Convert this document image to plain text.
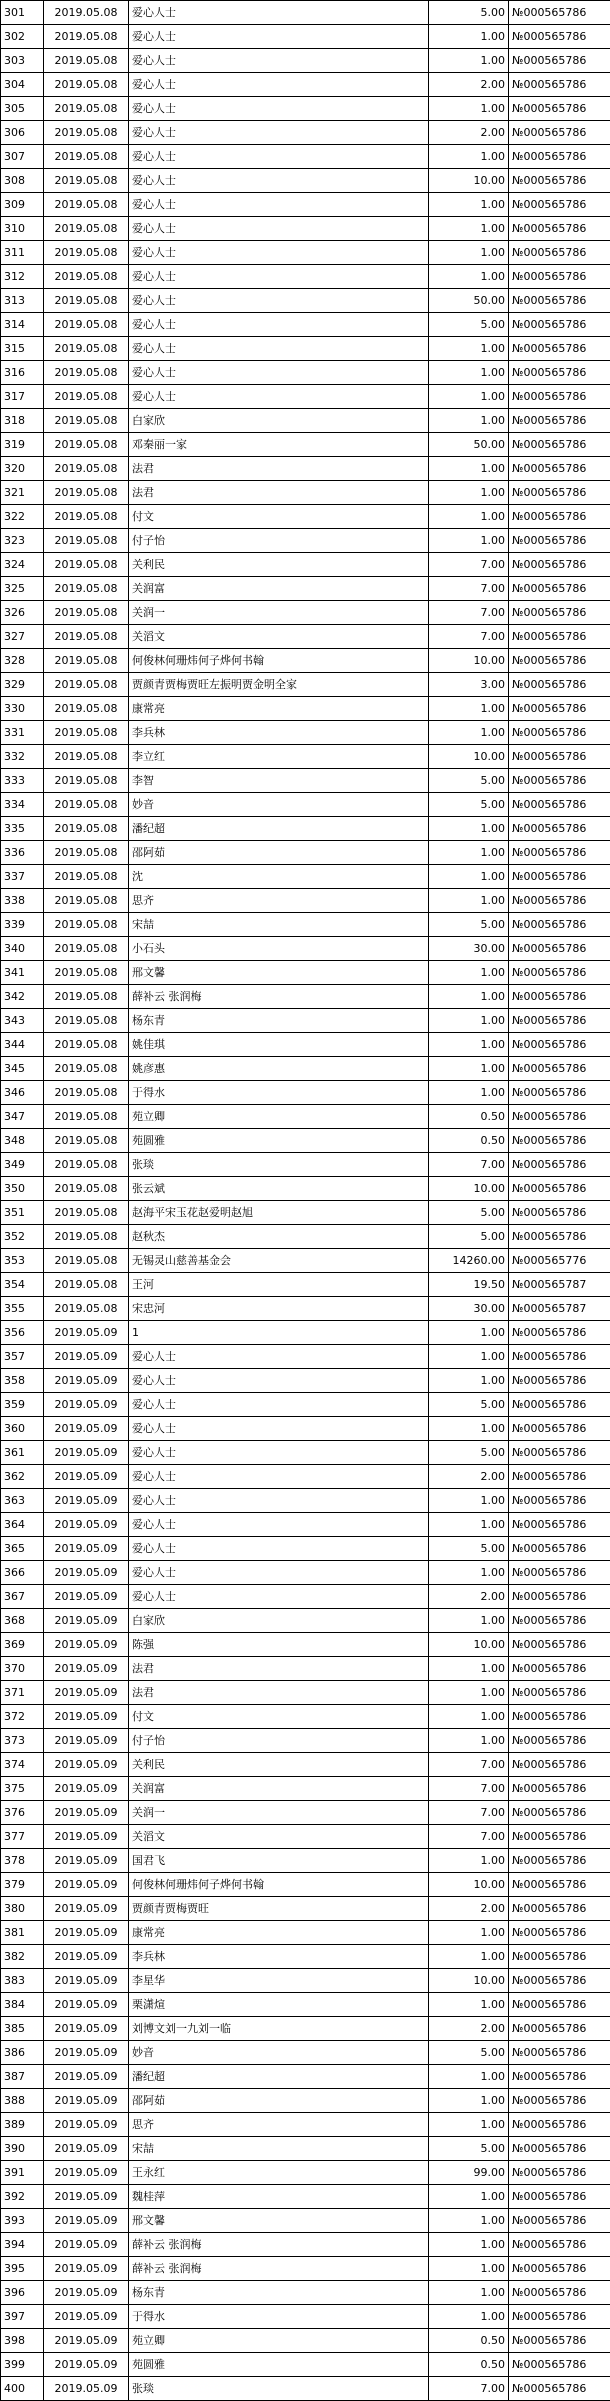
301	2019.05.08	爱心人士	5.00	№000565786
302	2019.05.08	爱心人士	1.00	№000565786
303	2019.05.08	爱心人士	1.00	№000565786
304	2019.05.08	爱心人士	2.00	№000565786
305	2019.05.08	爱心人士	1.00	№000565786
306	2019.05.08	爱心人士	2.00	№000565786
307	2019.05.08	爱心人士	1.00	№000565786
308	2019.05.08	爱心人士	10.00	№000565786
309	2019.05.08	爱心人士	1.00	№000565786
310	2019.05.08	爱心人士	1.00	№000565786
311	2019.05.08	爱心人士	1.00	№000565786
312	2019.05.08	爱心人士	1.00	№000565786
313	2019.05.08	爱心人士	50.00	№000565786
314	2019.05.08	爱心人士	5.00	№000565786
315	2019.05.08	爱心人士	1.00	№000565786
316	2019.05.08	爱心人士	1.00	№000565786
317	2019.05.08	爱心人士	1.00	№000565786
318	2019.05.08	白家欣	1.00	№000565786
319	2019.05.08	邓秦丽一家	50.00	№000565786
320	2019.05.08	法君	1.00	№000565786
321	2019.05.08	法君	1.00	№000565786
322	2019.05.08	付文	1.00	№000565786
323	2019.05.08	付子怡	1.00	№000565786
324	2019.05.08	关利民	7.00	№000565786
325	2019.05.08	关润富	7.00	№000565786
326	2019.05.08	关润一	7.00	№000565786
327	2019.05.08	关滔文	7.00	№000565786
328	2019.05.08	何俊林何珊炜何子烨何书翰	10.00	№000565786
329	2019.05.08	贾颜青贾梅贾旺左振明贾金明全家	3.00	№000565786
330	2019.05.08	康常亮	1.00	№000565786
331	2019.05.08	李兵林	1.00	№000565786
332	2019.05.08	李立红	10.00	№000565786
333	2019.05.08	李智	5.00	№000565786
334	2019.05.08	妙音	5.00	№000565786
335	2019.05.08	潘纪超	1.00	№000565786
336	2019.05.08	邵阿茹	1.00	№000565786
337	2019.05.08	沈	1.00	№000565786
338	2019.05.08	思齐	1.00	№000565786
339	2019.05.08	宋喆	5.00	№000565786
340	2019.05.08	小石头	30.00	№000565786
341	2019.05.08	邢文馨	1.00	№000565786
342	2019.05.08	薛补云 张润梅	1.00	№000565786
343	2019.05.08	杨东青	1.00	№000565786
344	2019.05.08	姚佳琪	1.00	№000565786
345	2019.05.08	姚彦惠	1.00	№000565786
346	2019.05.08	于得水	1.00	№000565786
347	2019.05.08	苑立卿	0.50	№000565786
348	2019.05.08	苑圆雅	0.50	№000565786
349	2019.05.08	张琰	7.00	№000565786
350	2019.05.08	张云斌	10.00	№000565786
351	2019.05.08	赵海平宋玉花赵爱明赵旭	5.00	№000565786
352	2019.05.08	赵秋杰	5.00	№000565786
353	2019.05.08	无锡灵山慈善基金会	14260.00	№000565776
354	2019.05.08	王河	19.50	№000565787
355	2019.05.08	宋忠河	30.00	№000565787
356	2019.05.09	1	1.00	№000565786
357	2019.05.09	爱心人士	1.00	№000565786
358	2019.05.09	爱心人士	1.00	№000565786
359	2019.05.09	爱心人士	5.00	№000565786
360	2019.05.09	爱心人士	1.00	№000565786
361	2019.05.09	爱心人士	5.00	№000565786
362	2019.05.09	爱心人士	2.00	№000565786
363	2019.05.09	爱心人士	1.00	№000565786
364	2019.05.09	爱心人士	1.00	№000565786
365	2019.05.09	爱心人士	5.00	№000565786
366	2019.05.09	爱心人士	1.00	№000565786
367	2019.05.09	爱心人士	2.00	№000565786
368	2019.05.09	白家欣	1.00	№000565786
369	2019.05.09	陈强	10.00	№000565786
370	2019.05.09	法君	1.00	№000565786
371	2019.05.09	法君	1.00	№000565786
372	2019.05.09	付文	1.00	№000565786
373	2019.05.09	付子怡	1.00	№000565786
374	2019.05.09	关利民	7.00	№000565786
375	2019.05.09	关润富	7.00	№000565786
376	2019.05.09	关润一	7.00	№000565786
377	2019.05.09	关滔文	7.00	№000565786
378	2019.05.09	国君飞	1.00	№000565786
379	2019.05.09	何俊林何珊炜何子烨何书翰	10.00	№000565786
380	2019.05.09	贾颜青贾梅贾旺	2.00	№000565786
381	2019.05.09	康常亮	1.00	№000565786
382	2019.05.09	李兵林	1.00	№000565786
383	2019.05.09	李星华	10.00	№000565786
384	2019.05.09	栗潇煊	1.00	№000565786
385	2019.05.09	刘博文刘一九刘一临	2.00	№000565786
386	2019.05.09	妙音	5.00	№000565786
387	2019.05.09	潘纪超	1.00	№000565786
388	2019.05.09	邵阿茹	1.00	№000565786
389	2019.05.09	思齐	1.00	№000565786
390	2019.05.09	宋喆	5.00	№000565786
391	2019.05.09	王永红	99.00	№000565786
392	2019.05.09	魏桂萍	1.00	№000565786
393	2019.05.09	邢文馨	1.00	№000565786
394	2019.05.09	薛补云 张润梅	1.00	№000565786
395	2019.05.09	薛补云 张润梅	1.00	№000565786
396	2019.05.09	杨东青	1.00	№000565786
397	2019.05.09	于得水	1.00	№000565786
398	2019.05.09	苑立卿	0.50	№000565786
399	2019.05.09	苑圆雅	0.50	№000565786
400	2019.05.09	张琰	7.00	№000565786
